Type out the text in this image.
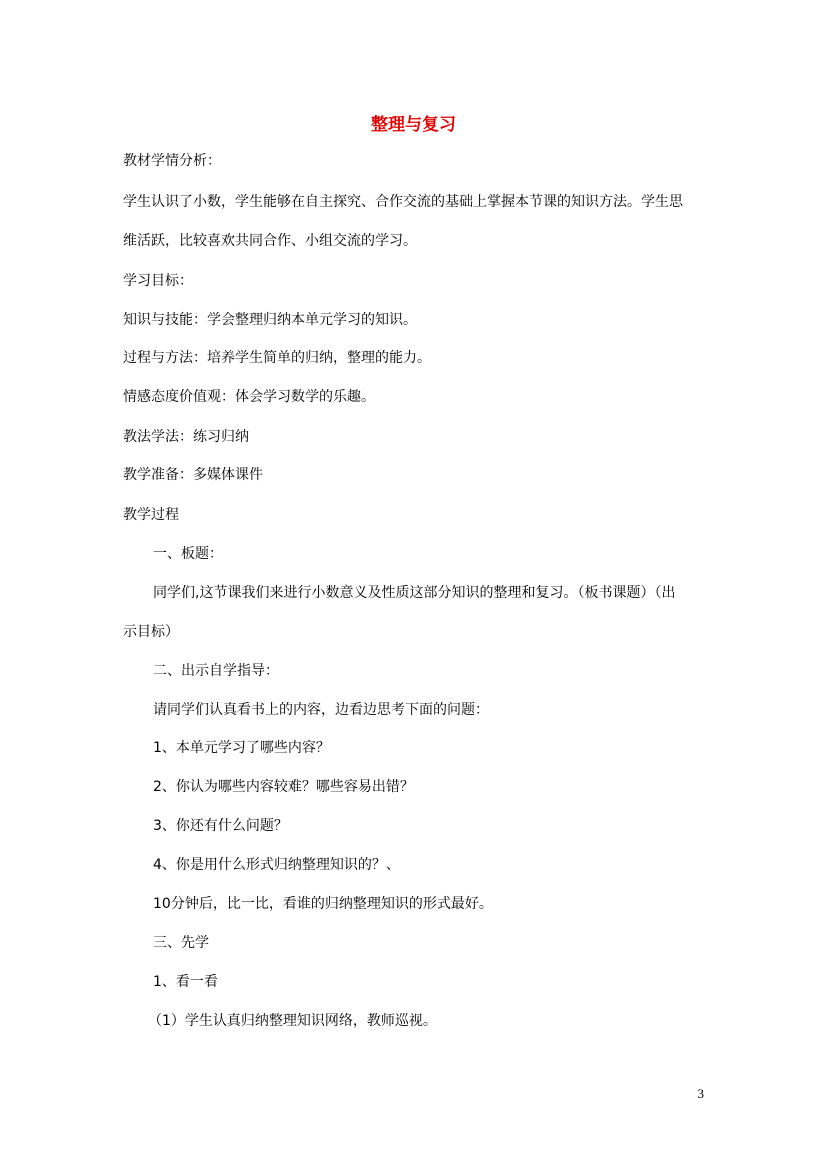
整理与复习

教材学情分析：

学生认识了小数，学生能够在自主探究、合作交流的基础上掌握本节课的知识方法。学生思

维活跃，比较喜欢共同合作、小组交流的学习。

学习目标：

知识与技能：学会整理归纳本单元学习的知识。

过程与方法：培养学生简单的归纳，整理的能力。

情感态度价值观：体会学习数学的乐趣。

教法学法：练习归纳

教学准备：多媒体课件

教学过程

一、板题：

同学们,这节课我们来进行小数意义及性质这部分知识的整理和复习。（板书课题）（出

示目标）

二、出示自学指导：

请同学们认真看书上的内容，边看边思考下面的问题：

1、本单元学习了哪些内容？

2、你认为哪些内容较难？哪些容易出错？

3、你还有什么问题？

4、你是用什么形式归纳整理知识的？、

10分钟后，比一比，看谁的归纳整理知识的形式最好。

三、先学

1、看一看

（1）学生认真归纳整理知识网络，教师巡视。

3
